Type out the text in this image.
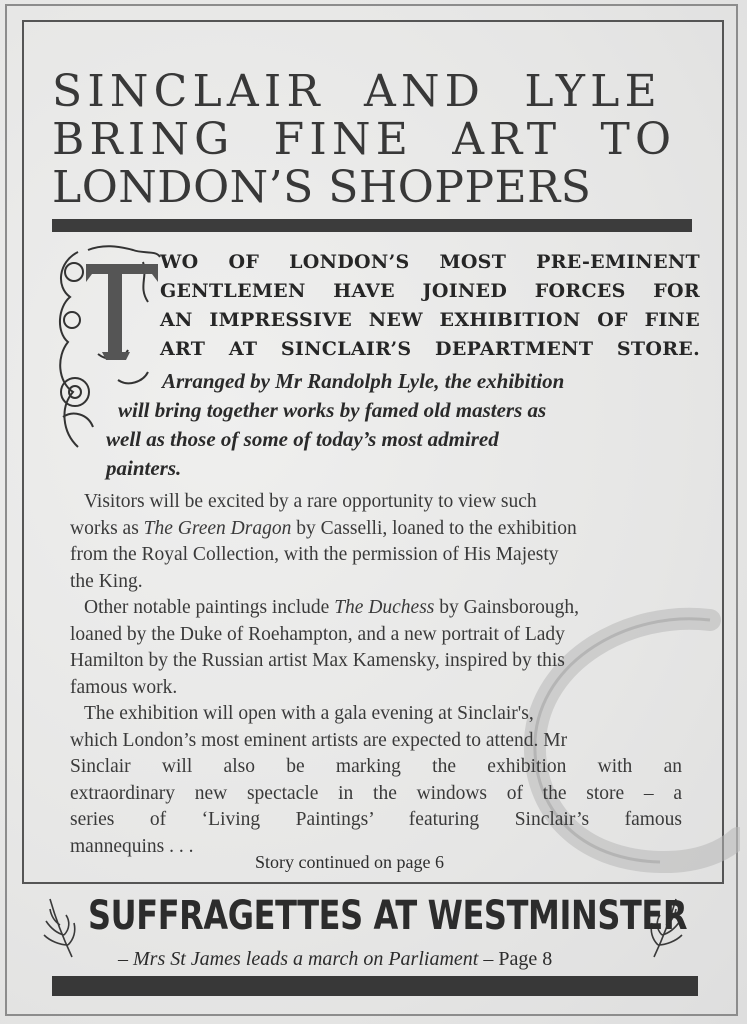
SINCLAIR AND LYLE
BRING FINE ART TO
LONDON’S SHOPPERS
WO OF LONDON’S MOST PRE-EMINENT
GENTLEMEN HAVE JOINED FORCES FOR
AN IMPRESSIVE NEW EXHIBITION OF FINE
ART AT SINCLAIR’S DEPARTMENT STORE.
Arranged by Mr Randolph Lyle, the exhibition
will bring together works by famed old masters as
well as those of some of today’s most admired
painters.
Visitors will be excited by a rare opportunity to view such
works as The Green Dragon by Casselli, loaned to the exhibition
from the Royal Collection, with the permission of His Majesty
the King.
Other notable paintings include The Duchess by Gainsborough,
loaned by the Duke of Roehampton, and a new portrait of Lady
Hamilton by the Russian artist Max Kamensky, inspired by this
famous work.
The exhibition will open with a gala evening at Sinclair's,
which London’s most eminent artists are expected to attend. Mr
Sinclair will also be marking the exhibition with an
extraordinary new spectacle in the windows of the store – a
series of ‘Living Paintings’ featuring Sinclair’s famous
mannequins . . .
Story continued on page 6
SUFFRAGETTES AT WESTMINSTER
– Mrs St James leads a march on Parliament – Page 8
